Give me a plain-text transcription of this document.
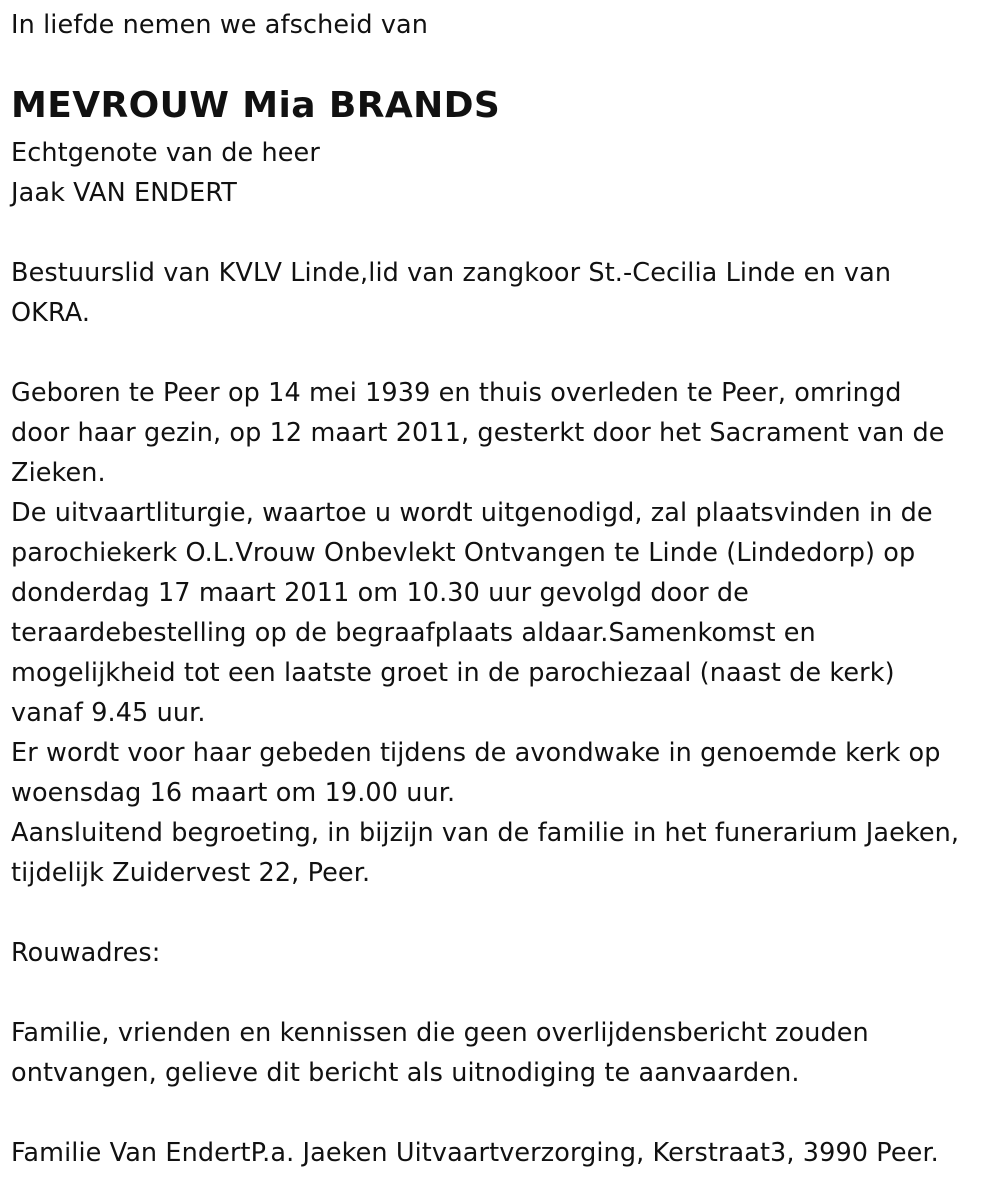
In liefde nemen we afscheid van
MEVROUW Mia BRANDS
Echtgenote van de heer
Jaak VAN ENDERT
Bestuurslid van KVLV Linde,lid van zangkoor St.-Cecilia Linde en van
OKRA.
Geboren te Peer op 14 mei 1939 en thuis overleden te Peer, omringd
door haar gezin, op 12 maart 2011, gesterkt door het Sacrament van de
Zieken.
De uitvaartliturgie, waartoe u wordt uitgenodigd, zal plaatsvinden in de
parochiekerk O.L.Vrouw Onbevlekt Ontvangen te Linde (Lindedorp) op
donderdag 17 maart 2011 om 10.30 uur gevolgd door de
teraardebestelling op de begraafplaats aldaar.Samenkomst en
mogelijkheid tot een laatste groet in de parochiezaal (naast de kerk)
vanaf 9.45 uur.
Er wordt voor haar gebeden tijdens de avondwake in genoemde kerk op
woensdag 16 maart om 19.00 uur.
Aansluitend begroeting, in bijzijn van de familie in het funerarium Jaeken,
tijdelijk Zuidervest 22, Peer.
Rouwadres:
Familie, vrienden en kennissen die geen overlijdensbericht zouden
ontvangen, gelieve dit bericht als uitnodiging te aanvaarden.
Familie Van EndertP.a. Jaeken Uitvaartverzorging, Kerstraat3, 3990 Peer.
